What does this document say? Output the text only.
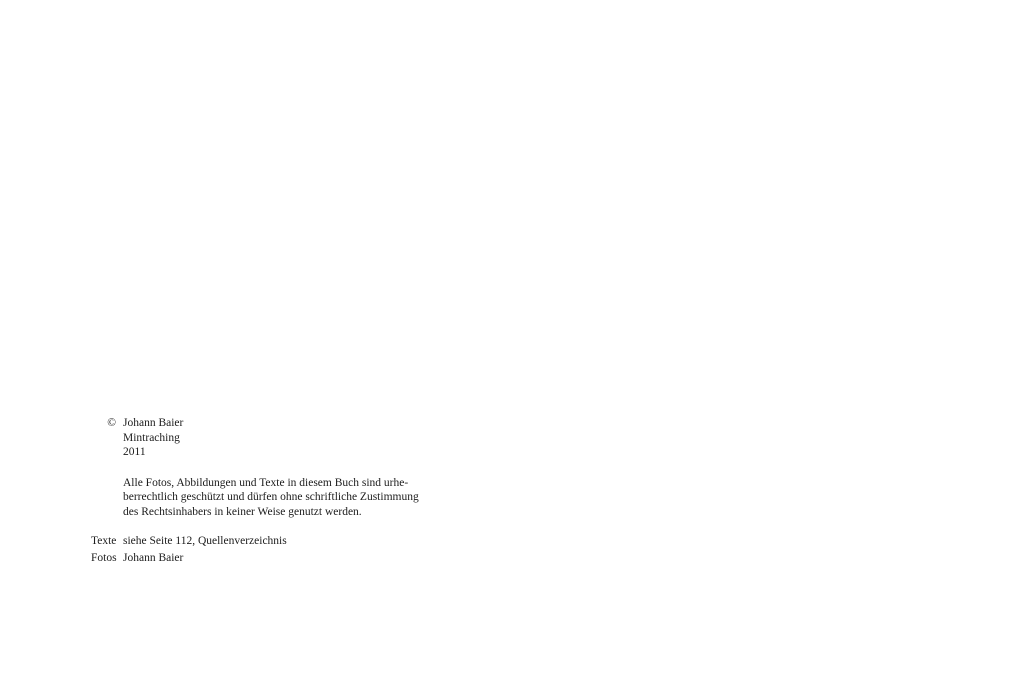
© Johann Baier
Mintraching
2011
Alle Fotos, Abbildungen und Texte in diesem Buch sind urhe-
berrechtlich geschützt und dürfen ohne schriftliche Zustimmung
des Rechtsinhabers in keiner Weise genutzt werden.
Texte siehe Seite 112, Quellenverzeichnis
Fotos Johann Baier
